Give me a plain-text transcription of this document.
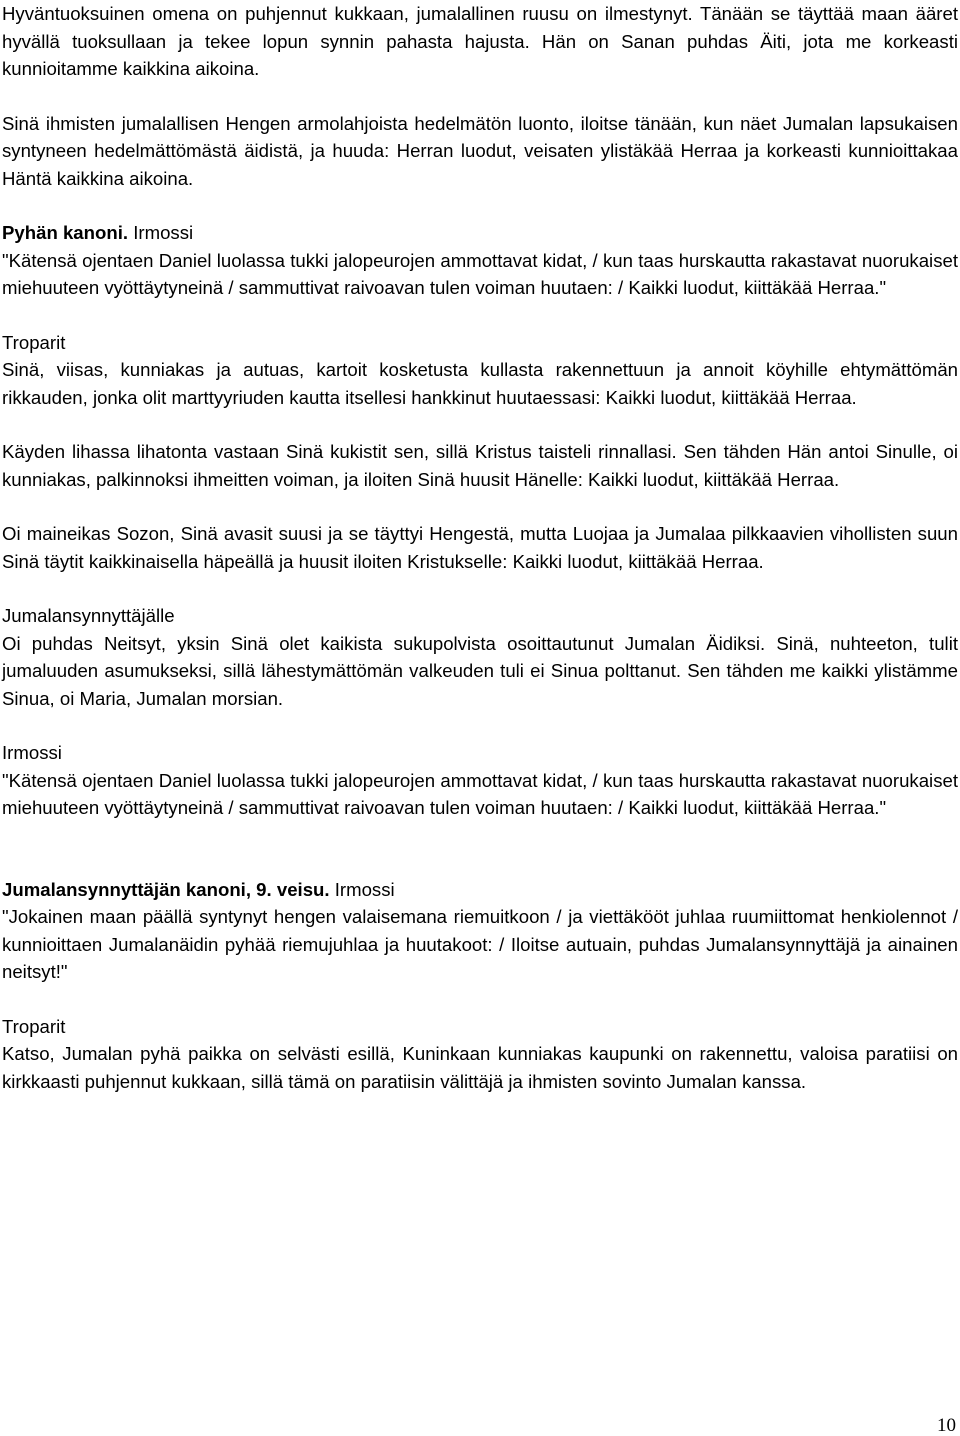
Hyväntuoksuinen omena on puhjennut kukkaan, jumalallinen ruusu on ilmestynyt. Tänään se täyttää maan ääret hyvällä tuoksullaan ja tekee lopun synnin pahasta hajusta. Hän on Sanan puhdas Äiti, jota me korkeasti kunnioitamme kaikkina aikoina.

Sinä ihmisten jumalallisen Hengen armolahjoista hedelmätön luonto, iloitse tänään, kun näet Jumalan lapsukaisen syntyneen hedelmättömästä äidistä, ja huuda: Herran luodut, veisaten ylistäkää Herraa ja korkeasti kunnioittakaa Häntä kaikkina aikoina.

Pyhän kanoni. Irmossi

"Kätensä ojentaen Daniel luolassa tukki jalopeurojen ammottavat kidat, / kun taas hurskautta rakastavat nuorukaiset miehuuteen vyöttäytyneinä / sammuttivat raivoavan tulen voiman huutaen: / Kaikki luodut, kiittäkää Herraa."

Troparit

Sinä, viisas, kunniakas ja autuas, kartoit kosketusta kullasta rakennettuun ja annoit köyhille ehtymättömän rikkauden, jonka olit marttyyriuden kautta itsellesi hankkinut huutaessasi: Kaikki luodut, kiittäkää Herraa.

Käyden lihassa lihatonta vastaan Sinä kukistit sen, sillä Kristus taisteli rinnallasi. Sen tähden Hän antoi Sinulle, oi kunniakas, palkinnoksi ihmeitten voiman, ja iloiten Sinä huusit Hänelle: Kaikki luodut, kiittäkää Herraa.

Oi maineikas Sozon, Sinä avasit suusi ja se täyttyi Hengestä, mutta Luojaa ja Jumalaa pilkkaavien vihollisten suun Sinä täytit kaikkinaisella häpeällä ja huusit iloiten Kristukselle: Kaikki luodut, kiittäkää Herraa.

Jumalansynnyttäjälle

Oi puhdas Neitsyt, yksin Sinä olet kaikista sukupolvista osoittautunut Jumalan Äidiksi. Sinä, nuhteeton, tulit jumaluuden asumukseksi, sillä lähestymättömän valkeuden tuli ei Sinua polttanut. Sen tähden me kaikki ylistämme Sinua, oi Maria, Jumalan morsian.

Irmossi

"Kätensä ojentaen Daniel luolassa tukki jalopeurojen ammottavat kidat, / kun taas hurskautta rakastavat nuorukaiset miehuuteen vyöttäytyneinä / sammuttivat raivoavan tulen voiman huutaen: / Kaikki luodut, kiittäkää Herraa."

Jumalansynnyttäjän kanoni, 9. veisu. Irmossi

"Jokainen maan päällä syntynyt hengen valaisemana riemuitkoon / ja viettäkööt juhlaa ruumiittomat henkiolennot / kunnioittaen Jumalanäidin pyhää riemujuhlaa ja huutakoot: / Iloitse autuain, puhdas Jumalansynnyttäjä ja ainainen neitsyt!"

Troparit

Katso, Jumalan pyhä paikka on selvästi esillä, Kuninkaan kunniakas kaupunki on rakennettu, valoisa paratiisi on kirkkaasti puhjennut kukkaan, sillä tämä on paratiisin välittäjä ja ihmisten sovinto Jumalan kanssa.

10
